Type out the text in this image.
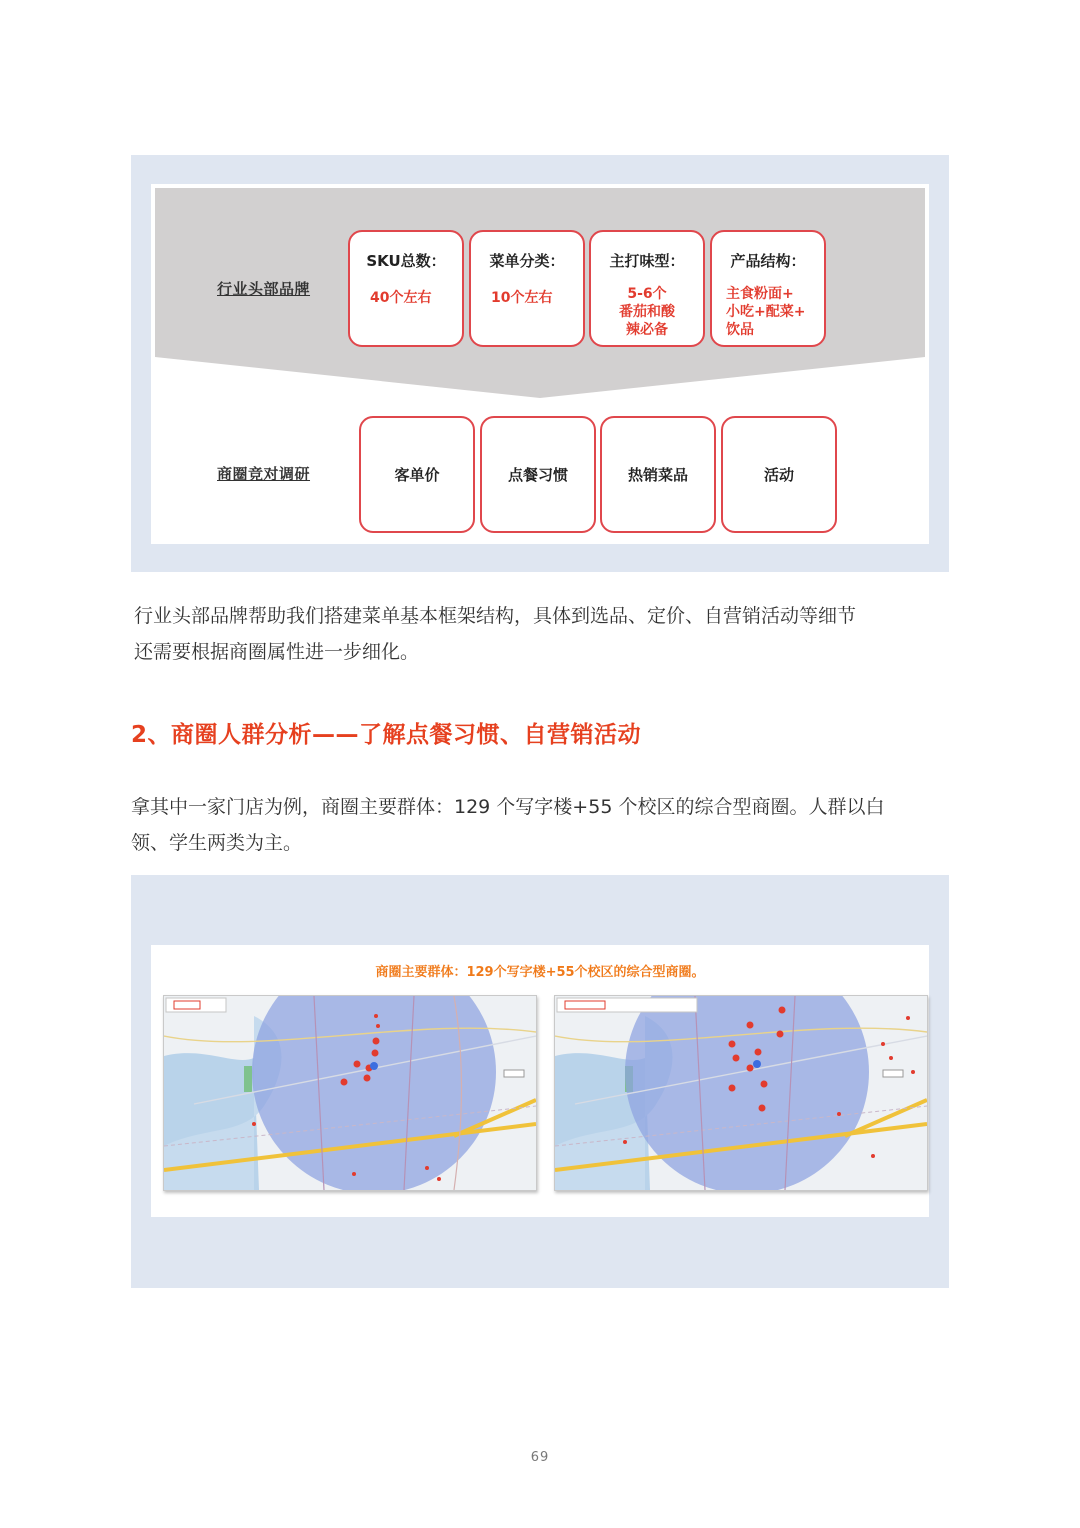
行业头部品牌
商圈竞对调研
SKU总数：
40个左右
菜单分类：
10个左右
主打味型：
5-6个
番茄和酸
辣必备
产品结构：
主食粉面+
小吃+配菜+
饮品
客单价	点餐习惯	热销菜品	活动
行业头部品牌帮助我们搭建菜单基本框架结构，具体到选品、定价、自营销活动等细节
还需要根据商圈属性进一步细化。
2、商圈人群分析——了解点餐习惯、自营销活动
拿其中一家门店为例，商圈主要群体：129 个写字楼+55 个校区的综合型商圈。人群以白
领、学生两类为主。
商圈主要群体：129个写字楼+55个校区的综合型商圈。
69
